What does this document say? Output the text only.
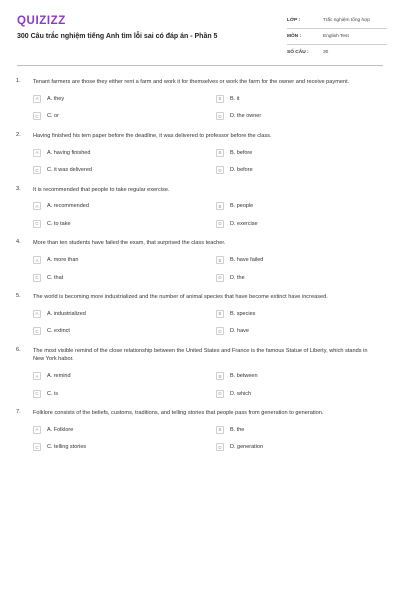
QUIZIZZ
300 Câu trắc nghiệm tiếng Anh tìm lỗi sai có đáp án - Phần 5
LỚP :	Trắc nghiệm tổng hợp
MÔN :	English Test
SỐ CÂU :	30
1. Tenant farmers are those they either rent a farm and work it for themselves or work the farm for the owner and receive payment.
A	A. they	B	B. it
C	C. or	D	D. the owner
2. Having finished his tem paper before the deadline, it was delivered to professor before the class.
A	A. having finished	B	B. before
C	C. it was delivered	D	D. before
3. It is recommended that people to take regular exercise.
A	A. recommended	B	B. people
C	C. to take	D	D. exercise
4. More than ten students have failed the exam, that surprised the class teacher.
A	A. more than	B	B. have failed
C	C. that	D	D. the
5. The world is becoming more industrialized and the number of animal species that have become extinct have increased.
A	A. industrialized	B	B. species
C	C. extinct	D	D. have
6. The most visible remind of the close relationship between the United States and France is the famous Statue of Liberty, which stands in New York habor.
A	A. remind	B	B. between
C	C. is	D	D. which
7. Folklore consists of the beliefs, customs, traditions, and telling stories that people pass from generation to generation.
A	A. Folklore	B	B. the
C	C. telling stories	D	D. generation
